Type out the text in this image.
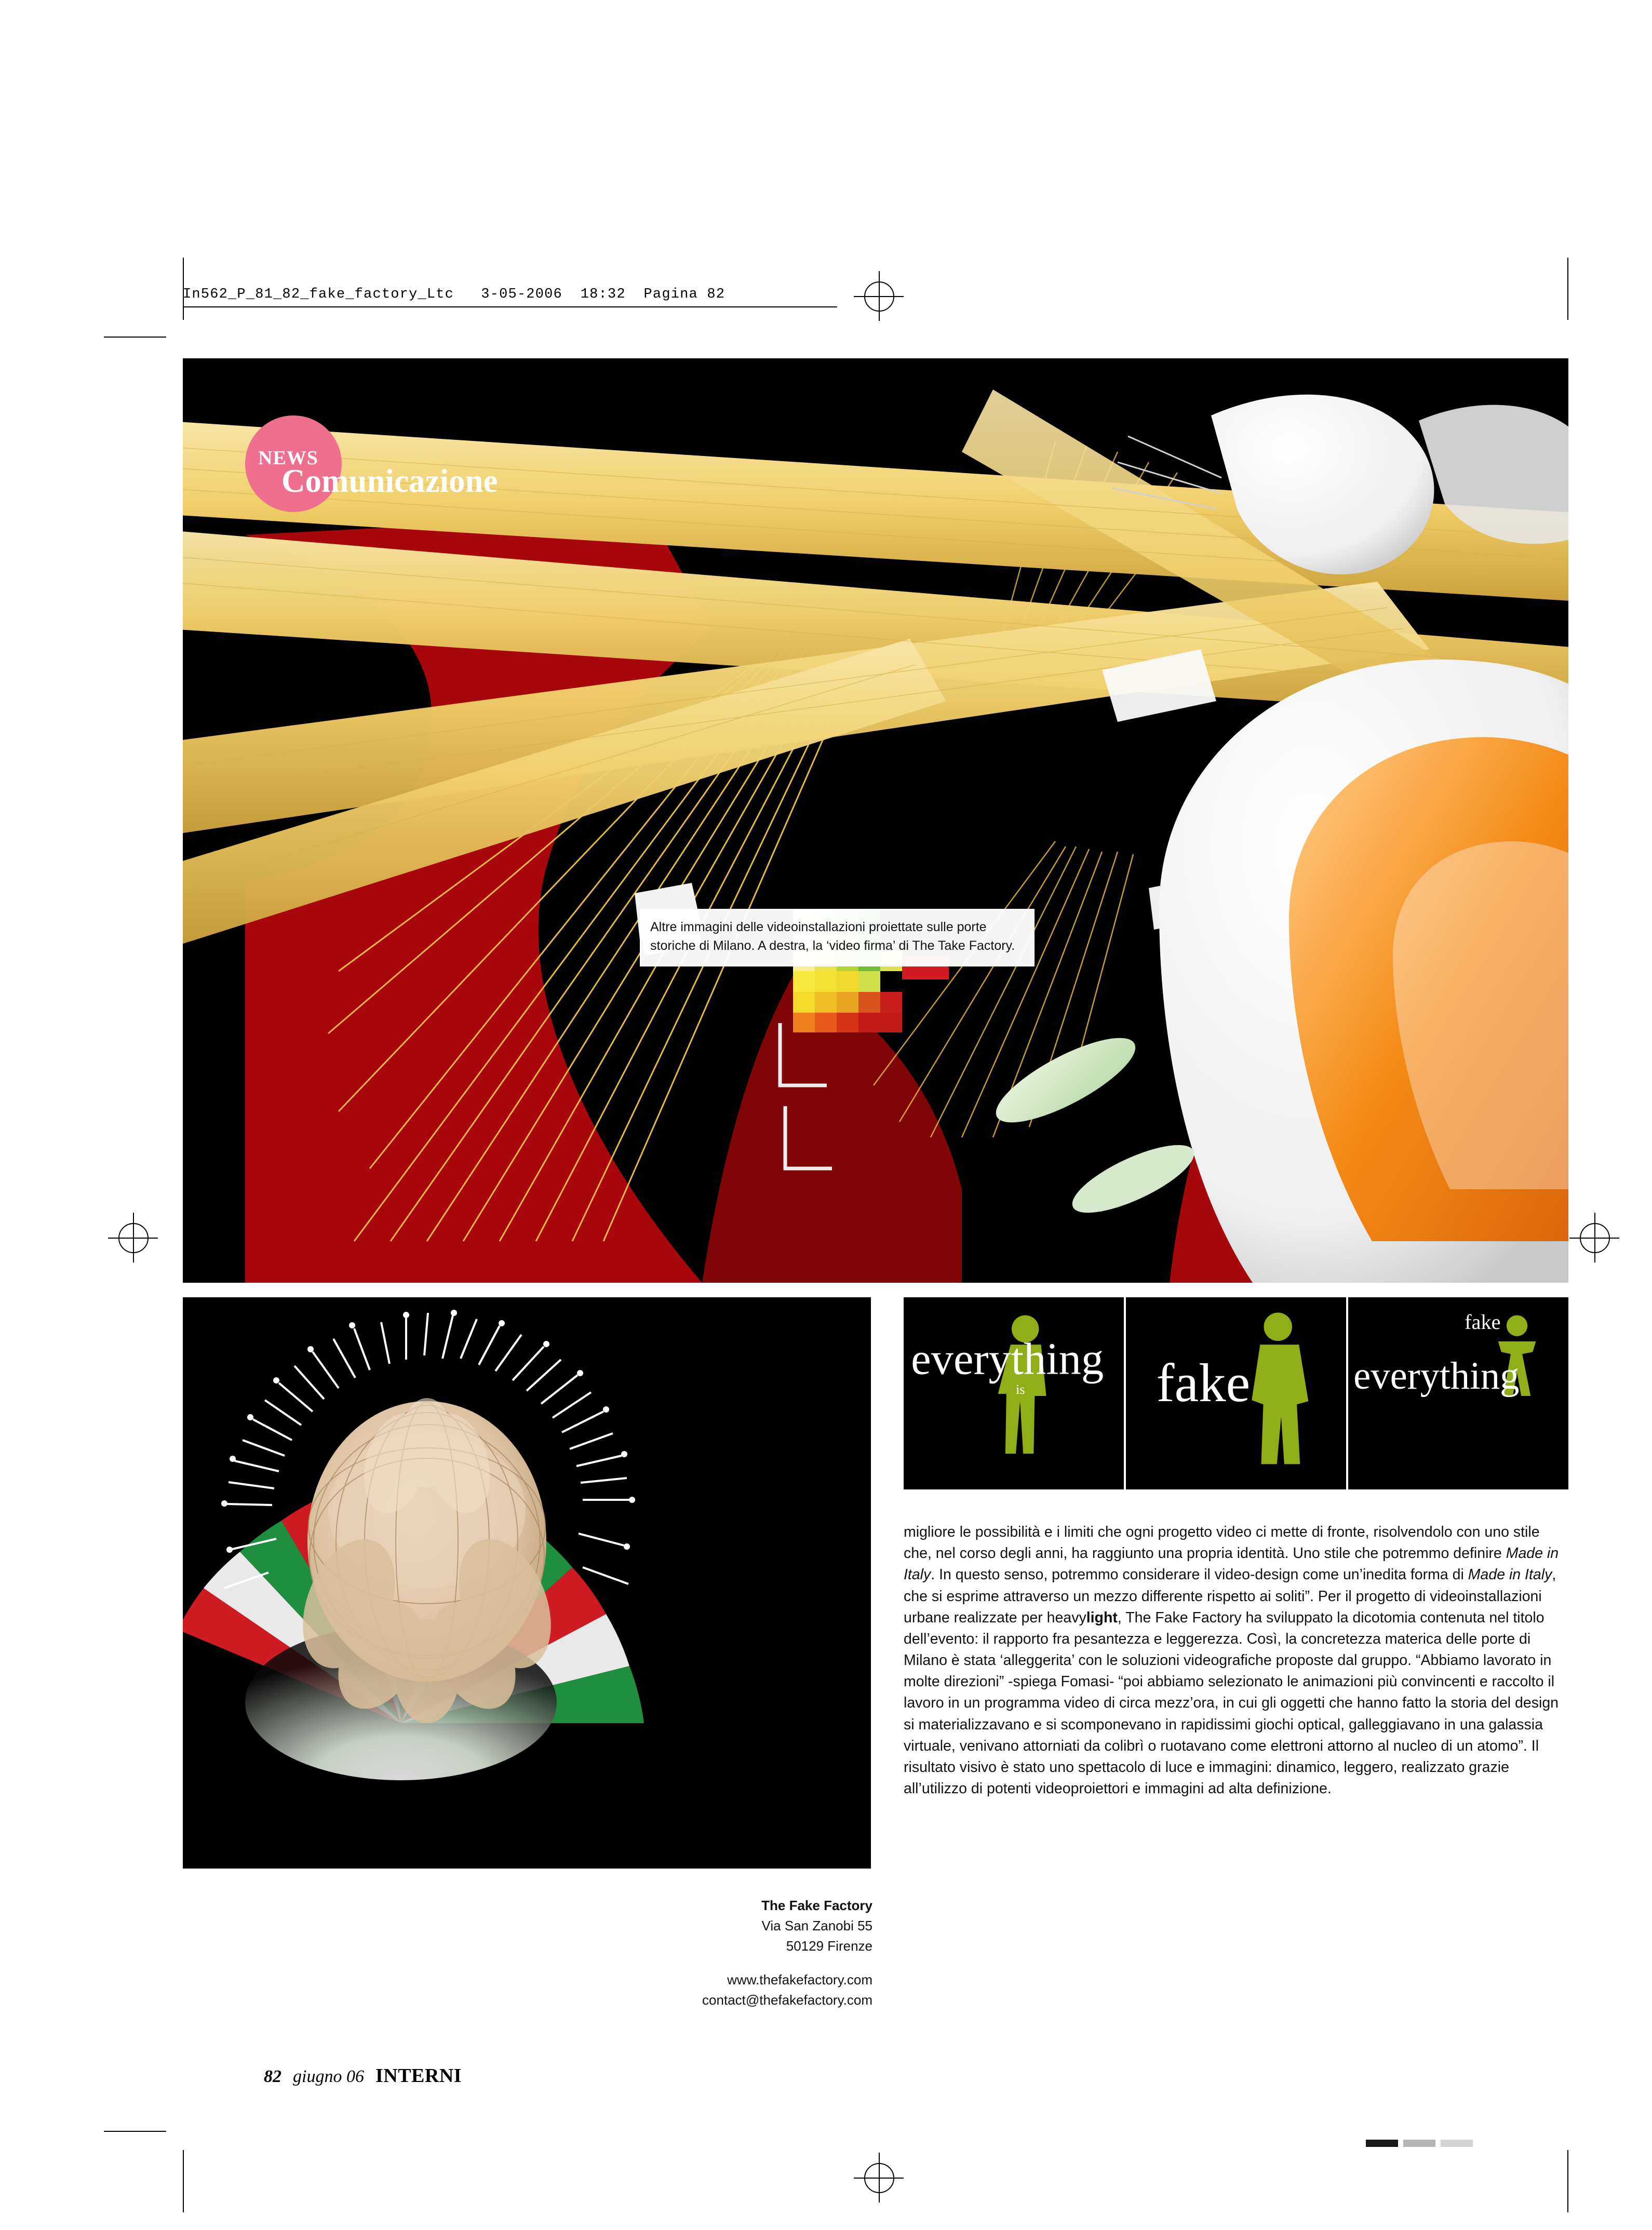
In562_P_81_82_fake_factory_Ltc   3-05-2006  18:32  Pagina 82
NEWS
Comunicazione
Altre immagini delle videoinstallazioni proiettate sulle porte storiche di Milano. A destra, la ‘video firma’ di The Take Factory.
everything
is fake
fake
everything

migliore le possibilità e i limiti che ogni progetto video ci mette di fronte, risolvendolo con uno stile che, nel corso degli anni, ha raggiunto una propria identità. Uno stile che potremmo definire Made in Italy. In questo senso, potremmo considerare il video-design come un’inedita forma di Made in Italy, che si esprime attraverso un mezzo differente rispetto ai soliti”. Per il progetto di videoinstallazioni urbane realizzate per heavylight, The Fake Factory ha sviluppato la dicotomia contenuta nel titolo dell’evento: il rapporto fra pesantezza e leggerezza. Così, la concretezza materica delle porte di Milano è stata ‘alleggerita’ con le soluzioni videografiche proposte dal gruppo. “Abbiamo lavorato in molte direzioni” -spiega Fomasi- “poi abbiamo selezionato le animazioni più convincenti e raccolto il lavoro in un programma video di circa mezz’ora, in cui gli oggetti che hanno fatto la storia del design si materializzavano e si scomponevano in rapidissimi giochi optical, galleggiavano in una galassia virtuale, venivano attorniati da colibrì o ruotavano come elettroni attorno al nucleo di un atomo”. Il risultato visivo è stato uno spettacolo di luce e immagini: dinamico, leggero, realizzato grazie all’utilizzo di potenti videoproiettori e immagini ad alta definizione.

The Fake Factory
Via San Zanobi 55
50129 Firenze
www.thefakefactory.com
contact@thefakefactory.com
82 giugno 06 INTERNI
